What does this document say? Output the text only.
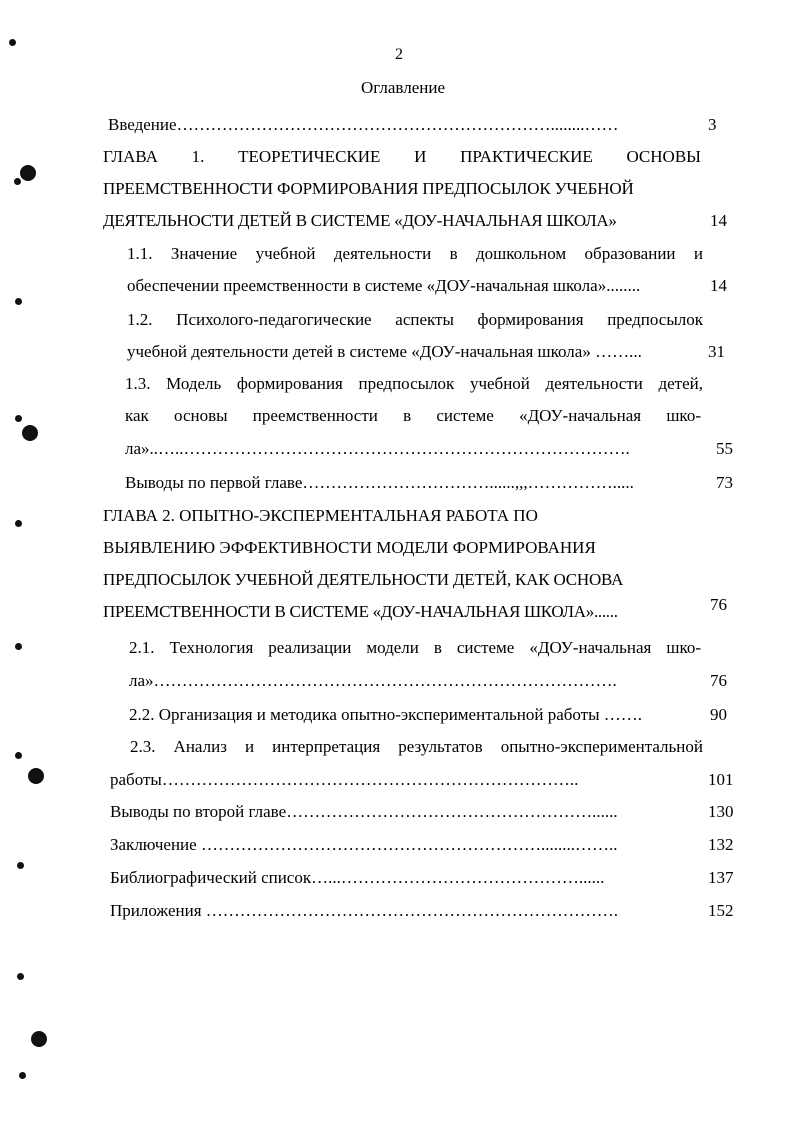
2
Оглавление
Введение…………………………………………………………........……	3
ГЛАВА 1. ТЕОРЕТИЧЕСКИЕ И ПРАКТИЧЕСКИЕ ОСНОВЫ
ПРЕЕМСТВЕННОСТИ ФОРМИРОВАНИЯ ПРЕДПОСЫЛОК УЧЕБНОЙ
ДЕЯТЕЛЬНОСТИ ДЕТЕЙ В СИСТЕМЕ «ДОУ-НАЧАЛЬНАЯ ШКОЛА»	14
1.1. Значение учебной деятельности в дошкольном образовании и
обеспечении преемственности в системе «ДОУ-начальная школа»........	14
1.2. Психолого-педагогические аспекты формирования предпосылок
учебной деятельности детей в системе «ДОУ-начальная школа» ……...	31
1.3. Модель формирования предпосылок учебной деятельности детей,
как основы преемственности в системе «ДОУ-начальная шко-
ла»..…..…………………………………………………………………….	55
Выводы по первой главе……………………………......,,,…………….....	73
ГЛАВА 2. ОПЫТНО-ЭКСПЕРМЕНТАЛЬНАЯ РАБОТА ПО
ВЫЯВЛЕНИЮ ЭФФЕКТИВНОСТИ МОДЕЛИ ФОРМИРОВАНИЯ
ПРЕДПОСЫЛОК УЧЕБНОЙ ДЕЯТЕЛЬНОСТИ ДЕТЕЙ, КАК ОСНОВА
ПРЕЕМСТВЕННОСТИ В СИСТЕМЕ «ДОУ-НАЧАЛЬНАЯ ШКОЛА»......	76
2.1. Технология реализации модели в системе «ДОУ-начальная шко-
ла»……………………………………………………………………….	76
2.2. Организация и методика опытно-экспериментальной работы …….	90
2.3. Анализ и интерпретация результатов опытно-экспериментальной
работы………………………………………………………………..	101
Выводы по второй главе………………………………………………......	130
Заключение ……………………………………………………........……..	132
Библиографический список…...……………………………………......	137
Приложения ……………………………………………………………….	152
